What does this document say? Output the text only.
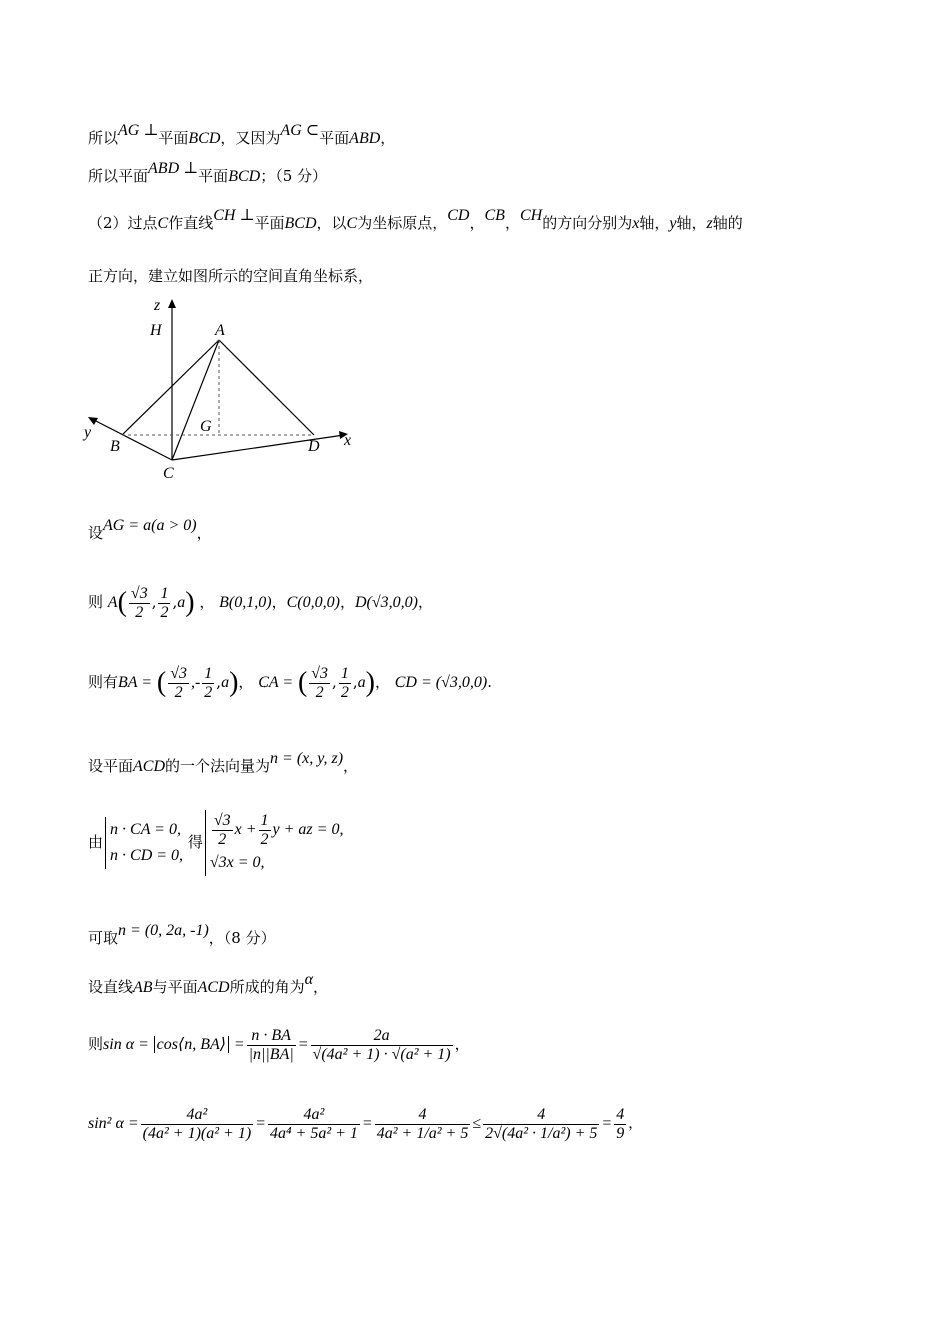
所以AG ⊥平面BCD，又因为AG ⊂平面ABD，
所以平面ABD ⊥平面BCD；（5 分）
（2）过点C作直线CH ⊥平面BCD，以C为坐标原点，CD，CB，CH的方向分别为x轴，y轴，z轴的
正方向，建立如图所示的空间直角坐标系，
z
H	A
G
y
B
C
D x
设AG = a(a > 0)，
则 $A( \frac{√3}{2}$ , $\frac{1}{2} ,a$) ， B(0,1,0)，C(0,0,0)，D(√3,0,0)，
则有→ BA = ( $\frac{√3}{2}$ ,- $\frac{1}{2} ,a$)， → CA = ( $\frac{√3}{2}$ , $\frac{1}{2} ,a$)， → CD = (√3,0,0).
设平面ACD的一个法向量为n = (x, y, z)，
由
n · CA = 0,
n · CD = 0,
得 $\frac{√3}{2}$ $x + \frac{1}{2}$ y + az = 0,
√3x = 0,
可取n = (0, 2a, -1)，（8 分）
设直线AB与平面ACD所成的角为α，
则sin α = cos⟨n, BA⟩ = $\frac{n \cdot BA}{|n||BA|} = \frac{2a}{\text{√(4a² + 1) · √(a² + 1)}}$ ，
sin² $\alpha = \frac{\text{4a²}}{\text{(4a² + 1)(a² + 1)}} = \frac{\text{4a²}}{\text{4a⁴ + 5a² + 1}} = \frac{4}{\text{4a² + 1/a² + 5}} \le \frac{4}{\text{2√(4a² · 1/a²) + 5}} = \frac{4}{9}$ ，
